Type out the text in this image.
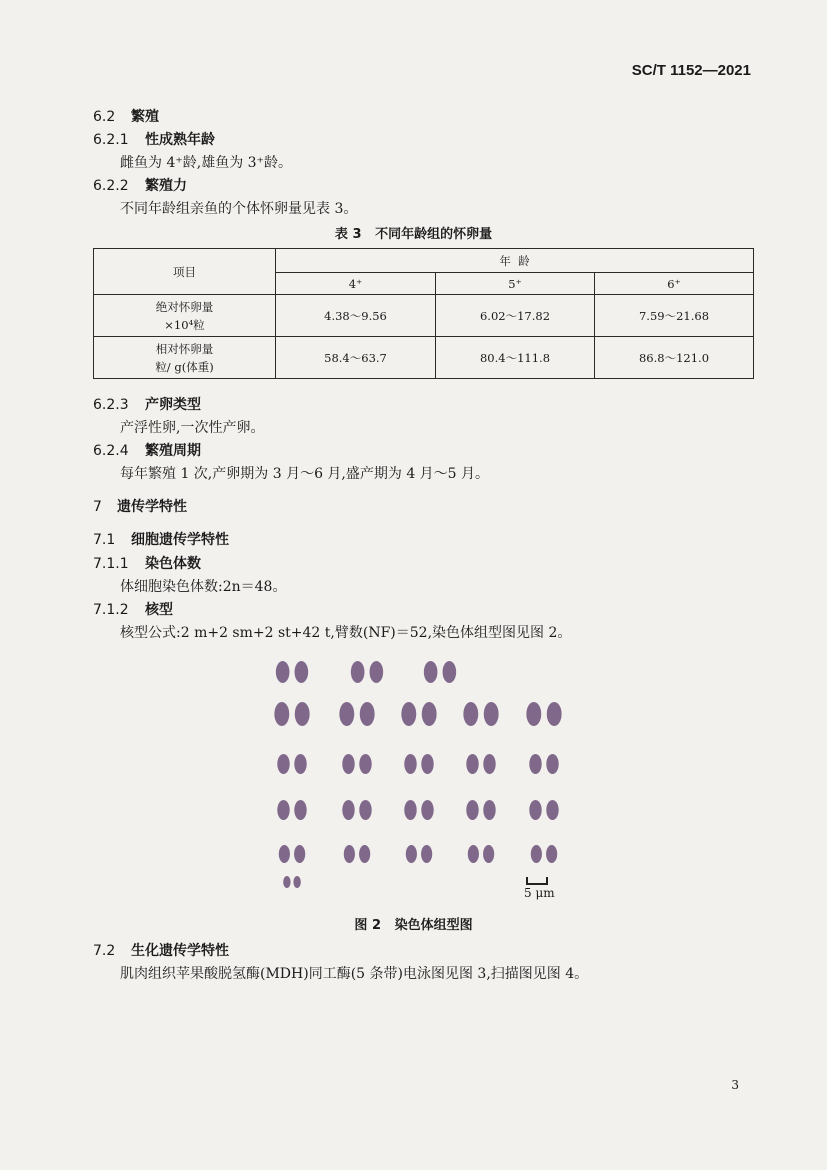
SC/T 1152—2021
6.2 繁殖
6.2.1 性成熟年龄
雌鱼为 4⁺龄,雄鱼为 3⁺龄。
6.2.2 繁殖力
不同年龄组亲鱼的个体怀卵量见表 3。
表 3   不同年龄组的怀卵量
项目	年  龄		
	4⁺	5⁺	6⁺

绝对怀卵量
×10⁴粒	4.38～9.56	6.02～17.82	7.59～21.68

相对怀卵量
粒/ g(体重)	58.4～63.7	80.4～111.8	86.8～121.0
6.2.3 产卵类型
产浮性卵,一次性产卵。
6.2.4 繁殖周期
每年繁殖 1 次,产卵期为 3 月～6 月,盛产期为 4 月～5 月。
7 遗传学特性
7.1 细胞遗传学特性
7.1.1 染色体数
体细胞染色体数:2n＝48。
7.1.2 核型
核型公式:2 m+2 sm+2 st+42 t,臂数(NF)＝52,染色体组型图见图 2。
5 μm
图 2   染色体组型图
7.2 生化遗传学特性
肌肉组织苹果酸脱氢酶(MDH)同工酶(5 条带)电泳图见图 3,扫描图见图 4。
3
